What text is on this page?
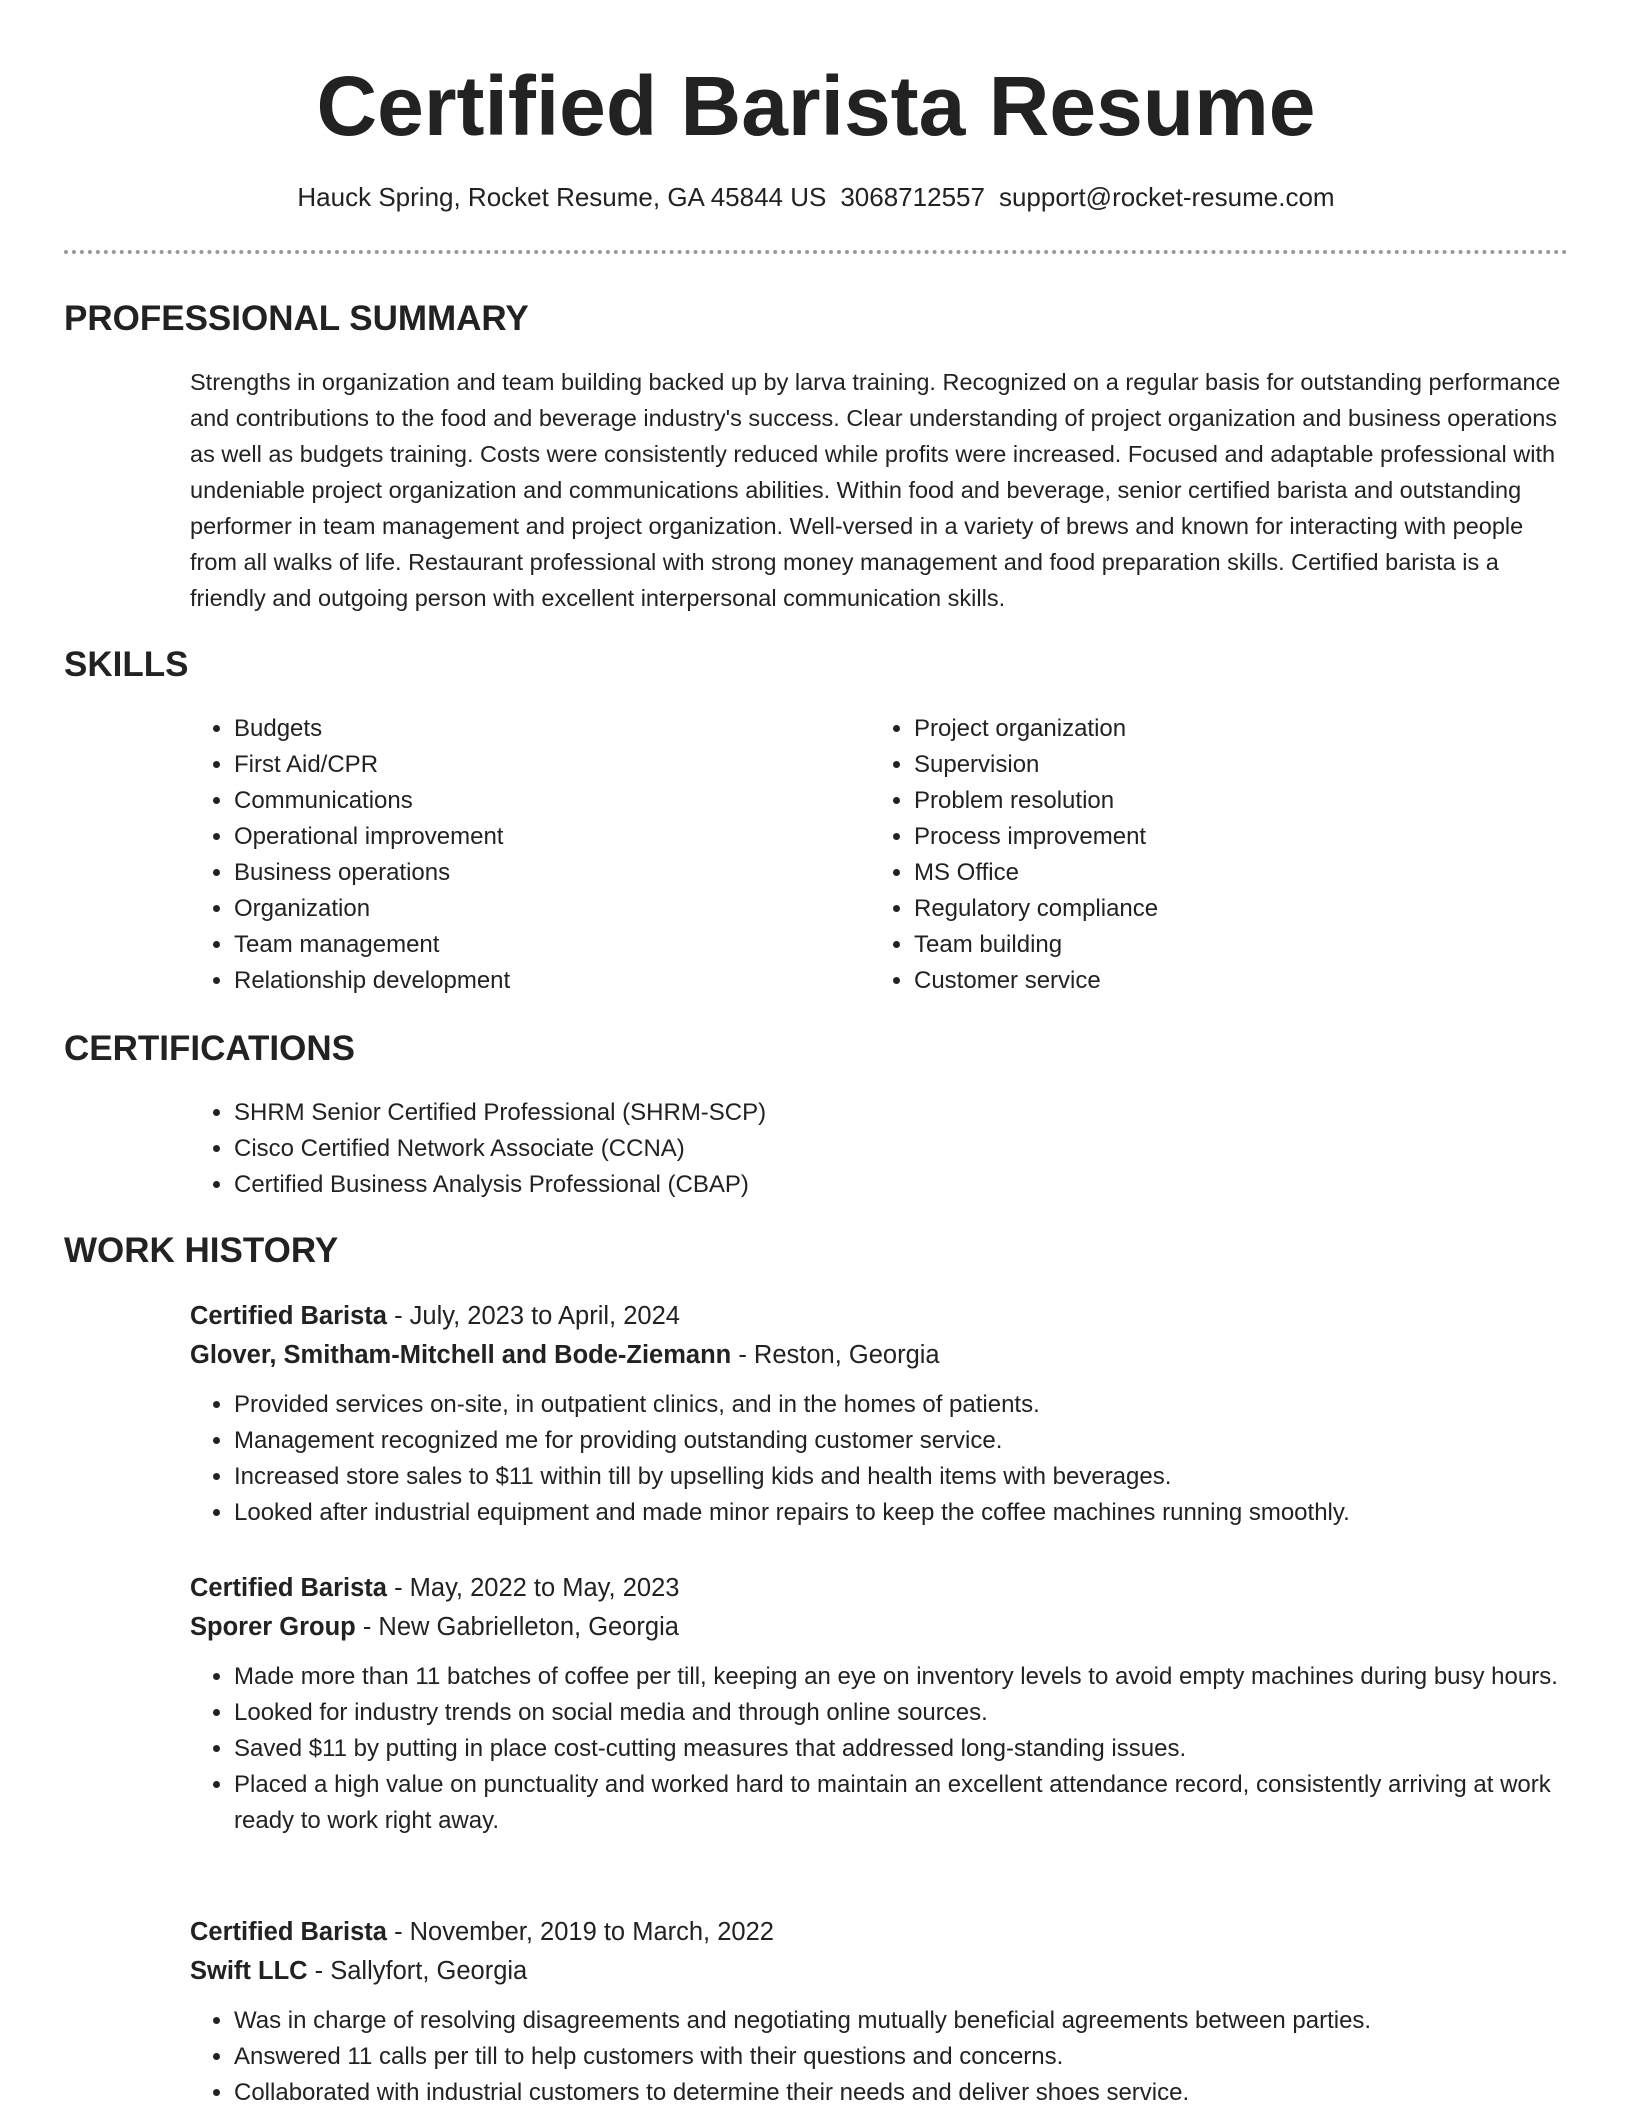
Certified Barista Resume
Hauck Spring, Rocket Resume, GA 45844 US 3068712557 support@rocket-resume.com
PROFESSIONAL SUMMARY

Strengths in organization and team building backed up by larva training. Recognized on a regular basis for outstanding performance and contributions to the food and beverage industry's success. Clear understanding of project organization and business operations as well as budgets training. Costs were consistently reduced while profits were increased. Focused and adaptable professional with undeniable project organization and communications abilities. Within food and beverage, senior certified barista and outstanding performer in team management and project organization. Well-versed in a variety of brews and known for interacting with people from all walks of life. Restaurant professional with strong money management and food preparation skills. Certified barista is a friendly and outgoing person with excellent interpersonal communication skills.

SKILLS
• Budgets
• First Aid/CPR
• Communications
• Operational improvement
• Business operations
• Organization
• Team management
• Relationship development
• Project organization
• Supervision
• Problem resolution
• Process improvement
• MS Office
• Regulatory compliance
• Team building
• Customer service
CERTIFICATIONS
• SHRM Senior Certified Professional (SHRM-SCP)
• Cisco Certified Network Associate (CCNA)
• Certified Business Analysis Professional (CBAP)
WORK HISTORY

Certified Barista - July, 2023 to April, 2024

Glover, Smitham-Mitchell and Bode-Ziemann - Reston, Georgia

• Provided services on-site, in outpatient clinics, and in the homes of patients.
• Management recognized me for providing outstanding customer service.
• Increased store sales to $11 within till by upselling kids and health items with beverages.
• Looked after industrial equipment and made minor repairs to keep the coffee machines running smoothly.

Certified Barista - May, 2022 to May, 2023

Sporer Group - New Gabrielleton, Georgia

• Made more than 11 batches of coffee per till, keeping an eye on inventory levels to avoid empty machines during busy hours.
• Looked for industry trends on social media and through online sources.
• Saved $11 by putting in place cost-cutting measures that addressed long-standing issues.
• Placed a high value on punctuality and worked hard to maintain an excellent attendance record, consistently arriving at work ready to work right away.

Certified Barista - November, 2019 to March, 2022

Swift LLC - Sallyfort, Georgia

• Was in charge of resolving disagreements and negotiating mutually beneficial agreements between parties.
• Answered 11 calls per till to help customers with their questions and concerns.
• Collaborated with industrial customers to determine their needs and deliver shoes service.
